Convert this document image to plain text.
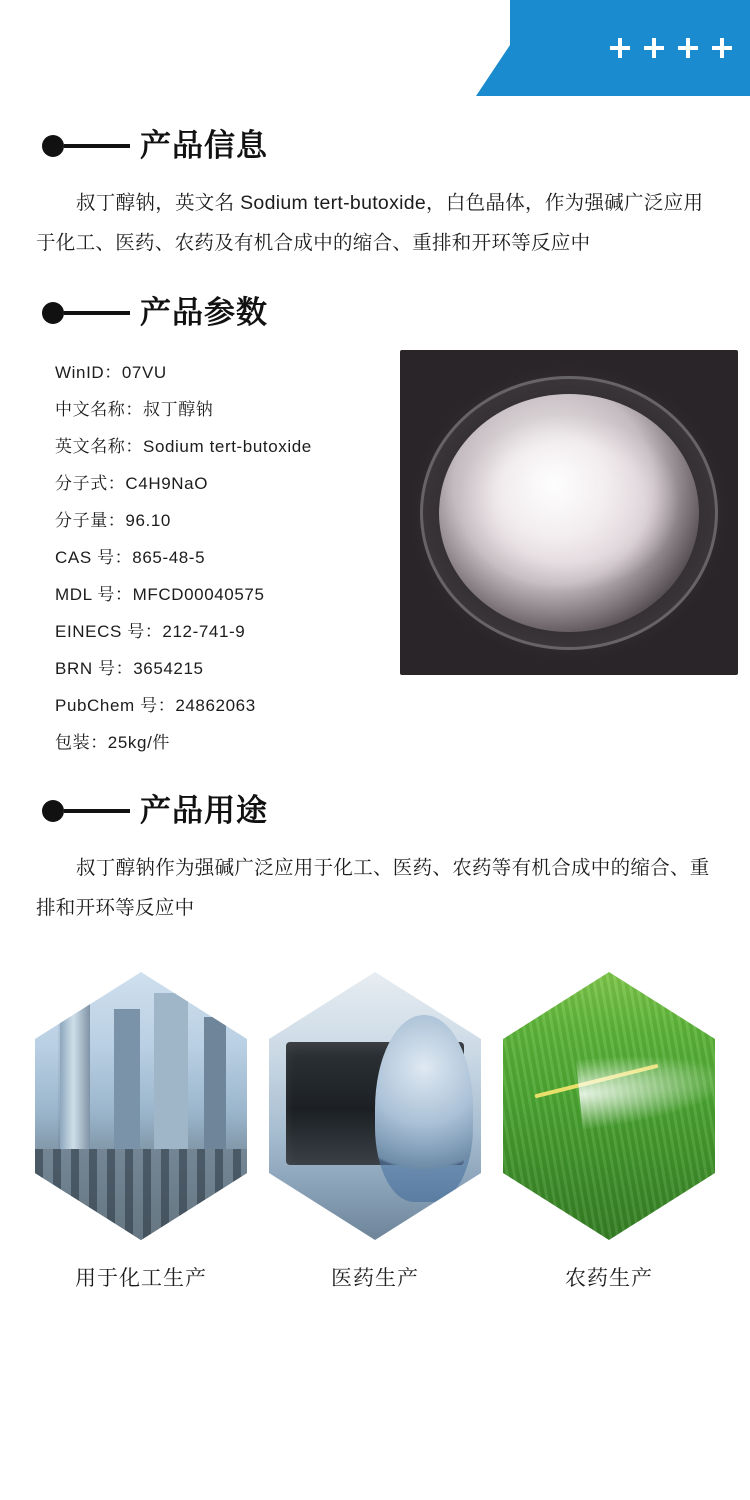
产品信息

叔丁醇钠，英文名 Sodium tert-butoxide，白色晶体，作为强碱广泛应用于化工、医药、农药及有机合成中的缩合、重排和开环等反应中

产品参数
WinID：07VU
中文名称：叔丁醇钠
英文名称：Sodium tert-butoxide
分子式：C4H9NaO
分子量：96.10
CAS 号：865-48-5
MDL 号：MFCD00040575
EINECS 号：212-741-9
BRN 号：3654215
PubChem 号：24862063
包装：25kg/件
产品用途

叔丁醇钠作为强碱广泛应用于化工、医药、农药等有机合成中的缩合、重排和开环等反应中

用于化工生产	医药生产	农药生产
